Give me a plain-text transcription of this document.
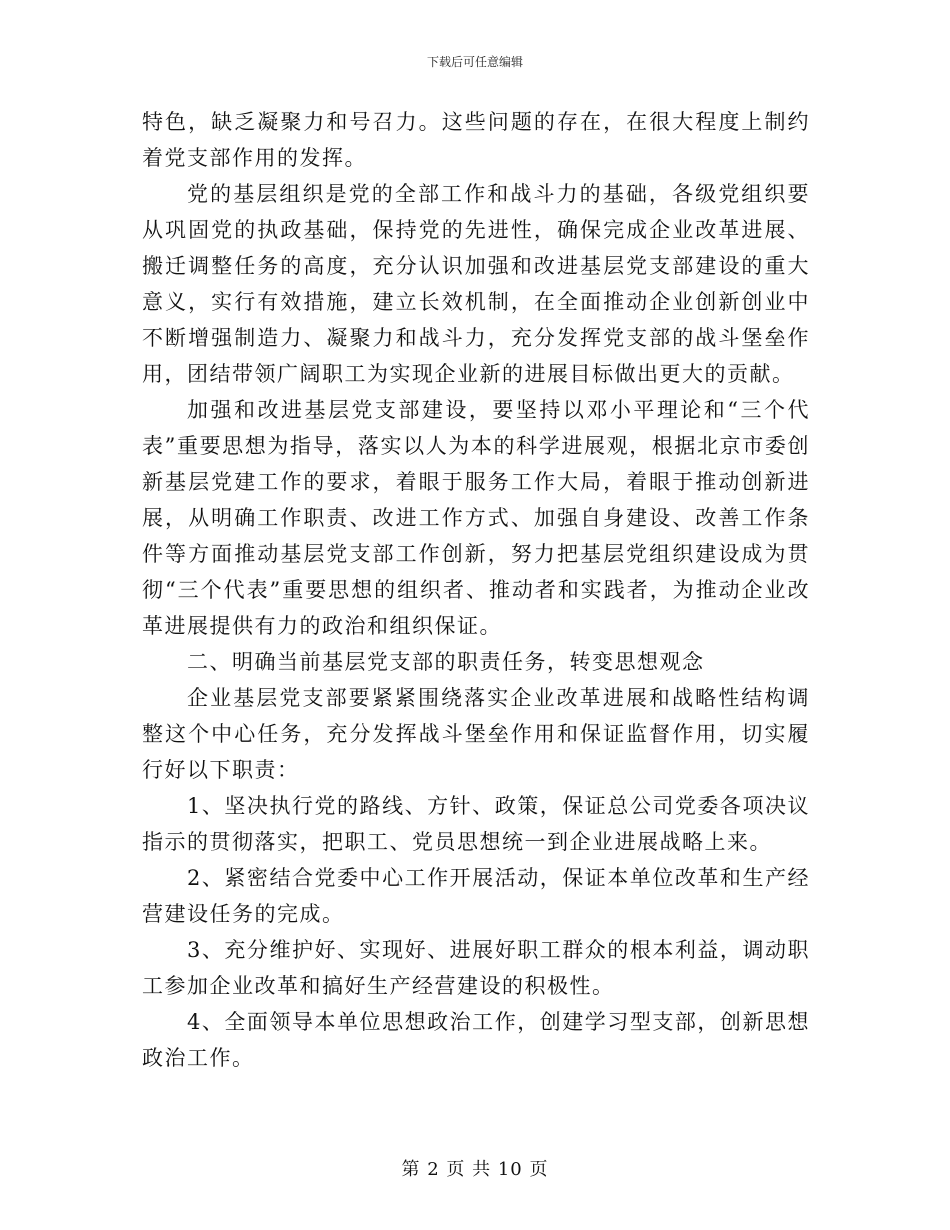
下载后可任意编辑

特色，缺乏凝聚力和号召力。这些问题的存在，在很大程度上制约着党支部作用的发挥。

党的基层组织是党的全部工作和战斗力的基础，各级党组织要从巩固党的执政基础，保持党的先进性，确保完成企业改革进展、搬迁调整任务的高度，充分认识加强和改进基层党支部建设的重大意义，实行有效措施，建立长效机制，在全面推动企业创新创业中不断增强制造力、凝聚力和战斗力，充分发挥党支部的战斗堡垒作用，团结带领广阔职工为实现企业新的进展目标做出更大的贡献。

加强和改进基层党支部建设，要坚持以邓小平理论和“三个代表”重要思想为指导，落实以人为本的科学进展观，根据北京市委创新基层党建工作的要求，着眼于服务工作大局，着眼于推动创新进展，从明确工作职责、改进工作方式、加强自身建设、改善工作条件等方面推动基层党支部工作创新，努力把基层党组织建设成为贯彻“三个代表”重要思想的组织者、推动者和实践者，为推动企业改革进展提供有力的政治和组织保证。

二、明确当前基层党支部的职责任务，转变思想观念

企业基层党支部要紧紧围绕落实企业改革进展和战略性结构调整这个中心任务，充分发挥战斗堡垒作用和保证监督作用，切实履行好以下职责：

1、坚决执行党的路线、方针、政策，保证总公司党委各项决议指示的贯彻落实，把职工、党员思想统一到企业进展战略上来。

2、紧密结合党委中心工作开展活动，保证本单位改革和生产经营建设任务的完成。

3、充分维护好、实现好、进展好职工群众的根本利益，调动职工参加企业改革和搞好生产经营建设的积极性。

4、全面领导本单位思想政治工作，创建学习型支部，创新思想政治工作。

第 2 页 共 10 页
